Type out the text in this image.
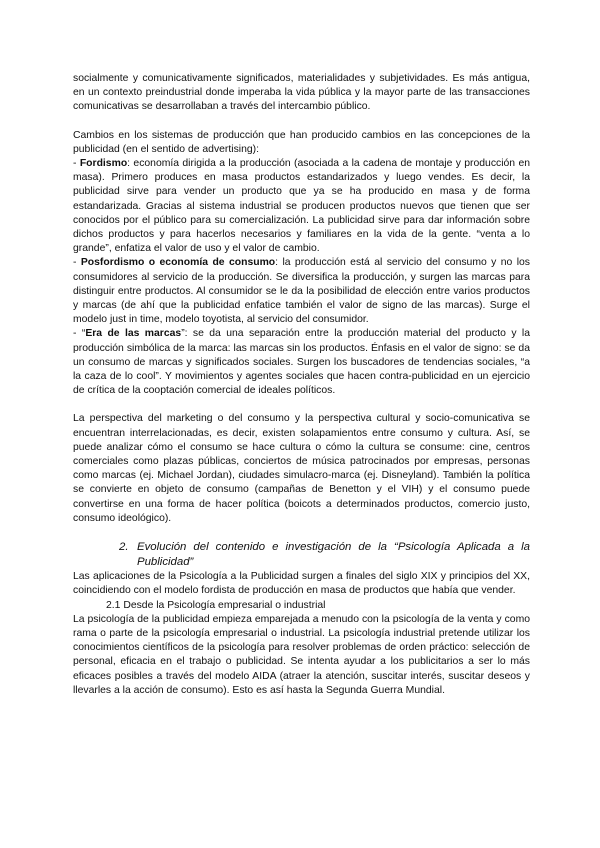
socialmente y comunicativamente significados, materialidades y subjetividades. Es más antigua, en un contexto preindustrial donde imperaba la vida pública y la mayor parte de las transacciones comunicativas se desarrollaban a través del intercambio público.

Cambios en los sistemas de producción que han producido cambios en las concepciones de la publicidad (en el sentido de advertising):

- Fordismo: economía dirigida a la producción (asociada a la cadena de montaje y producción en masa). Primero produces en masa productos estandarizados y luego vendes. Es decir, la publicidad sirve para vender un producto que ya se ha producido en masa y de forma estandarizada. Gracias al sistema industrial se producen productos nuevos que tienen que ser conocidos por el público para su comercialización. La publicidad sirve para dar información sobre dichos productos y para hacerlos necesarios y familiares en la vida de la gente. “venta a lo grande”, enfatiza el valor de uso y el valor de cambio.

- Posfordismo o economía de consumo: la producción está al servicio del consumo y no los consumidores al servicio de la producción. Se diversifica la producción, y surgen las marcas para distinguir entre productos. Al consumidor se le da la posibilidad de elección entre varios productos y marcas (de ahí que la publicidad enfatice también el valor de signo de las marcas). Surge el modelo just in time, modelo toyotista, al servicio del consumidor.

- “Era de las marcas”: se da una separación entre la producción material del producto y la producción simbólica de la marca: las marcas sin los productos. Énfasis en el valor de signo: se da un consumo de marcas y significados sociales. Surgen los buscadores de tendencias sociales, “a la caza de lo cool”. Y movimientos y agentes sociales que hacen contra-publicidad en un ejercicio de crítica de la cooptación comercial de ideales políticos.

La perspectiva del marketing o del consumo y la perspectiva cultural y socio-comunicativa se encuentran interrelacionadas, es decir, existen solapamientos entre consumo y cultura. Así, se puede analizar cómo el consumo se hace cultura o cómo la cultura se consume: cine, centros comerciales como plazas públicas, conciertos de música patrocinados por empresas, personas como marcas (ej. Michael Jordan), ciudades simulacro-marca (ej. Disneyland). También la política se convierte en objeto de consumo (campañas de Benetton y el VIH) y el consumo puede convertirse en una forma de hacer política (boicots a determinados productos, comercio justo, consumo ideológico).

2. Evolución del contenido e investigación de la “Psicología Aplicada a la Publicidad”

Las aplicaciones de la Psicología a la Publicidad surgen a finales del siglo XIX y principios del XX, coincidiendo con el modelo fordista de producción en masa de productos que había que vender.

2.1 Desde la Psicología empresarial o industrial

La psicología de la publicidad empieza emparejada a menudo con la psicología de la venta y como rama o parte de la psicología empresarial o industrial. La psicología industrial pretende utilizar los conocimientos científicos de la psicología para resolver problemas de orden práctico: selección de personal, eficacia en el trabajo o publicidad. Se intenta ayudar a los publicitarios a ser lo más eficaces posibles a través del modelo AIDA (atraer la atención, suscitar interés, suscitar deseos y llevarles a la acción de consumo). Esto es así hasta la Segunda Guerra Mundial.
